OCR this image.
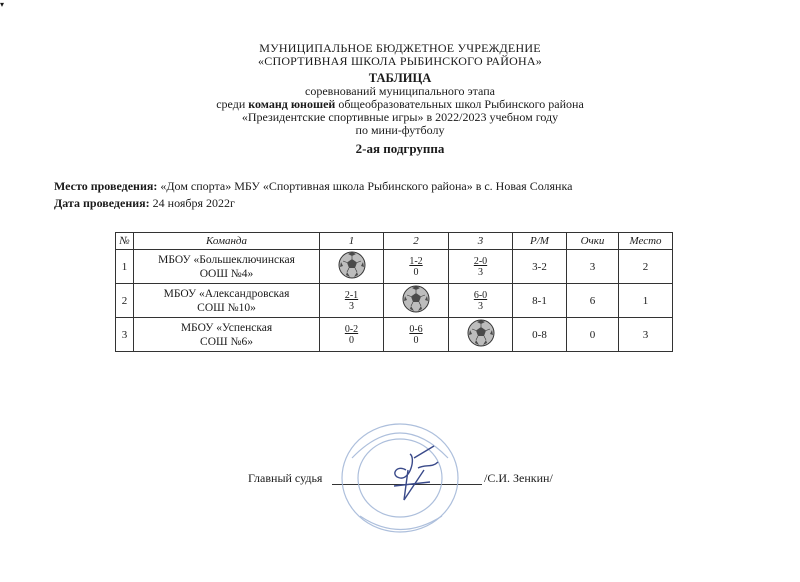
▾
МУНИЦИПАЛЬНОЕ БЮДЖЕТНОЕ УЧРЕЖДЕНИЕ
«СПОРТИВНАЯ ШКОЛА РЫБИНСКОГО РАЙОНА»
ТАБЛИЦА
соревнований муниципального этапа
среди команд юношей общеобразовательных школ Рыбинского района
«Президентские спортивные игры» в 2022/2023 учебном году
по мини-футболу
2-ая подгруппа
Место проведения: «Дом спорта» МБУ «Спортивная школа Рыбинского района» в с. Новая Солянка
Дата проведения: 24 ноября 2022г
№	Команда	1	2	3	Р/М	Очки	Место
1	МБОУ «Большеключинская
ООШ №4»		$\frac{1-2}{0}$	$\frac{2-0}{3}$	3-2	3	2
2	МБОУ «Александровская
СОШ №10»	$\frac{2-1}{3}$		$\frac{6-0}{3}$	8-1	6	1
3	МБОУ «Успенская
СОШ №6»	$\frac{0-2}{0}$	$\frac{0-6}{0}$		0-8	0	3
Главный судья	/С.И. Зенкин/
